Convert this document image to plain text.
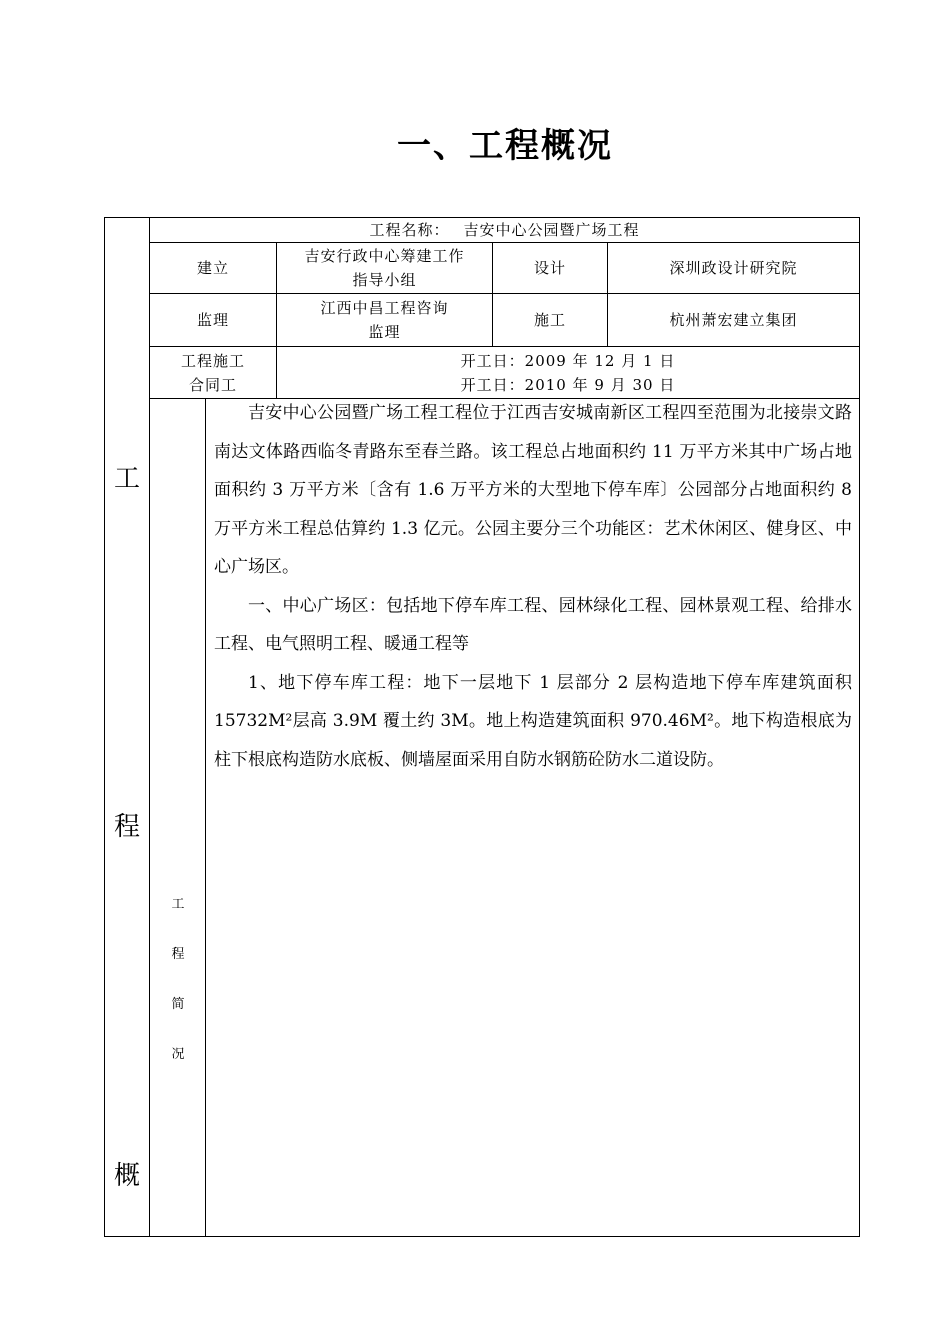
一、工程概况
工程名称： 吉安中心公园暨广场工程
建立
吉安行政中心筹建工作
指导小组
设计	深圳政设计研究院
监理
江西中昌工程咨询
监理
施工	杭州萧宏建立集团
工程施工
合同工
开工日：2009 年 12 月 1 日
开工日：2010 年 9 月 30 日
工
程
概
工
程
简
况

吉安中心公园暨广场工程工程位于江西吉安城南新区工程四至范围为北接崇文路南达文体路西临冬青路东至春兰路。该工程总占地面积约 11 万平方米其中广场占地面积约 3 万平方米〔含有 1.6 万平方米的大型地下停车库〕公园部分占地面积约 8 万平方米工程总估算约 1.3 亿元。公园主要分三个功能区：艺术休闲区、健身区、中心广场区。

一、中心广场区：包括地下停车库工程、园林绿化工程、园林景观工程、给排水工程、电气照明工程、暖通工程等

1、地下停车库工程：地下一层地下 1 层部分 2 层构造地下停车库建筑面积 15732M²层高 3.9M 覆土约 3M。地上构造建筑面积 970.46M²。地下构造根底为柱下根底构造防水底板、侧墙屋面采用自防水钢筋砼防水二道设防。
